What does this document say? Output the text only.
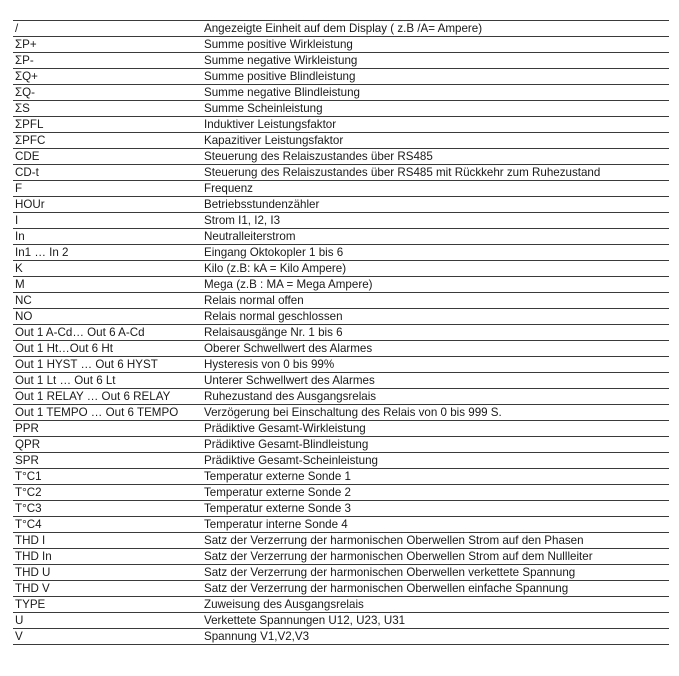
/	Angezeigte Einheit auf dem Display ( z.B /A= Ampere)
ΣP+	Summe positive Wirkleistung
ΣP-	Summe negative Wirkleistung
ΣQ+	Summe positive Blindleistung
ΣQ-	Summe negative Blindleistung
ΣS	Summe Scheinleistung
ΣPFL	Induktiver Leistungsfaktor
ΣPFC	Kapazitiver Leistungsfaktor
CDE	Steuerung des Relaiszustandes über RS485
CD-t	Steuerung des Relaiszustandes über RS485 mit Rückkehr zum Ruhezustand
F	Frequenz
HOUr	Betriebsstundenzähler
I	Strom I1, I2, I3
In	Neutralleiterstrom
In1 … In 2	Eingang Oktokopler 1 bis 6
K	Kilo (z.B: kA = Kilo Ampere)
M	Mega (z.B : MA = Mega Ampere)
NC	Relais normal offen
NO	Relais normal geschlossen
Out 1 A-Cd… Out 6 A-Cd	Relaisausgänge Nr. 1 bis 6
Out 1 Ht…Out 6 Ht	Oberer Schwellwert des Alarmes
Out 1 HYST … Out 6 HYST	Hysteresis von 0 bis 99%
Out 1 Lt … Out 6 Lt	Unterer Schwellwert des Alarmes
Out 1 RELAY … Out 6 RELAY	Ruhezustand des Ausgangsrelais
Out 1 TEMPO … Out 6 TEMPO	Verzögerung bei Einschaltung des Relais von 0 bis 999 S.
PPR	Prädiktive Gesamt-Wirkleistung
QPR	Prädiktive Gesamt-Blindleistung
SPR	Prädiktive Gesamt-Scheinleistung
T°C1	Temperatur externe Sonde 1
T°C2	Temperatur externe Sonde 2
T°C3	Temperatur externe Sonde 3
T°C4	Temperatur interne Sonde 4
THD I	Satz der Verzerrung der harmonischen Oberwellen Strom auf den Phasen
THD In	Satz der Verzerrung der harmonischen Oberwellen Strom auf dem Nullleiter
THD U	Satz der Verzerrung der harmonischen Oberwellen verkettete Spannung
THD V	Satz der Verzerrung der harmonischen Oberwellen einfache Spannung
TYPE	Zuweisung des Ausgangsrelais
U	Verkettete Spannungen U12, U23, U31
V	Spannung V1,V2,V3
